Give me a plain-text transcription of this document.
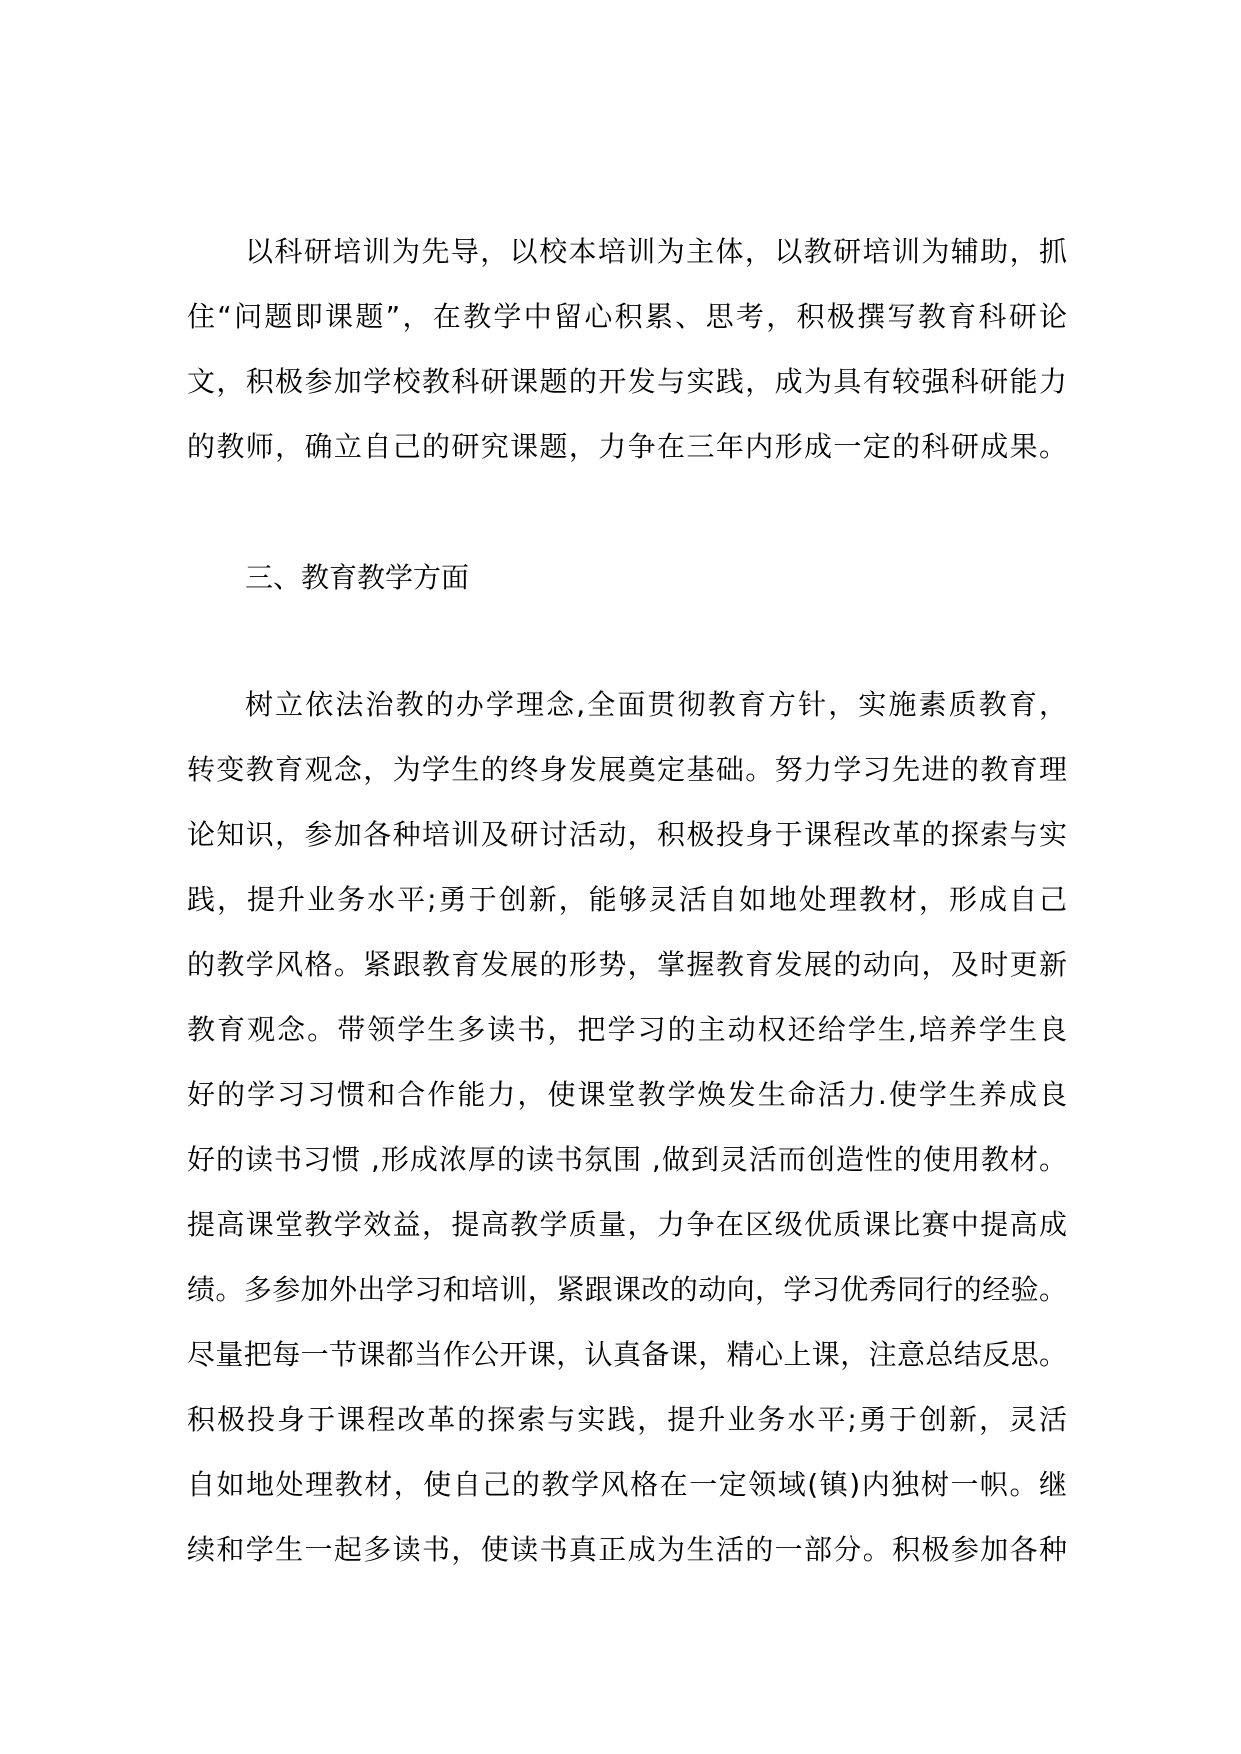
以科研培训为先导，以校本培训为主体，以教研培训为辅助，抓
住“问题即课题”，在教学中留心积累、思考，积极撰写教育科研论
文，积极参加学校教科研课题的开发与实践，成为具有较强科研能力
的教师，确立自己的研究课题，力争在三年内形成一定的科研成果。
三、教育教学方面
树立依法治教的办学理念,全面贯彻教育方针，实施素质教育，
转变教育观念，为学生的终身发展奠定基础。努力学习先进的教育理
论知识，参加各种培训及研讨活动，积极投身于课程改革的探索与实
践，提升业务水平;勇于创新，能够灵活自如地处理教材，形成自己
的教学风格。紧跟教育发展的形势，掌握教育发展的动向，及时更新
教育观念。带领学生多读书，把学习的主动权还给学生,培养学生良
好的学习习惯和合作能力，使课堂教学焕发生命活力.使学生养成良
好的读书习惯 ,形成浓厚的读书氛围 ,做到灵活而创造性的使用教材。
提高课堂教学效益，提高教学质量，力争在区级优质课比赛中提高成
绩。多参加外出学习和培训，紧跟课改的动向，学习优秀同行的经验。
尽量把每一节课都当作公开课，认真备课，精心上课，注意总结反思。
积极投身于课程改革的探索与实践，提升业务水平;勇于创新，灵活
自如地处理教材，使自己的教学风格在一定领域(镇)内独树一帜。继
续和学生一起多读书，使读书真正成为生活的一部分。积极参加各种
